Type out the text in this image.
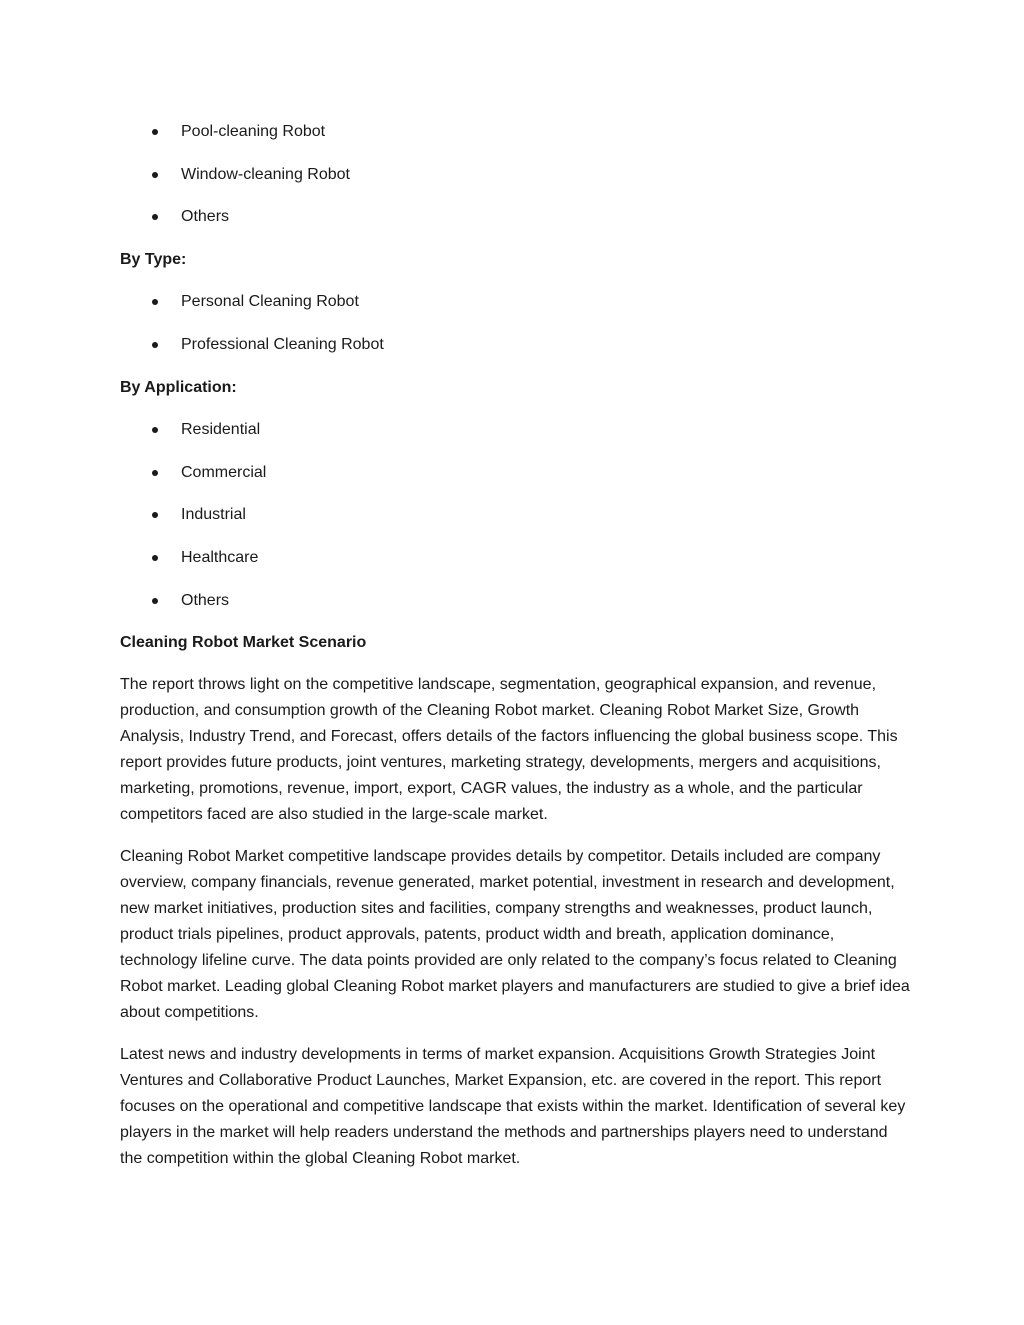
Pool-cleaning Robot
Window-cleaning Robot
Others
By Type:
Personal Cleaning Robot
Professional Cleaning Robot
By Application:
Residential
Commercial
Industrial
Healthcare
Others
Cleaning Robot Market Scenario

The report throws light on the competitive landscape, segmentation, geographical expansion, and revenue, production, and consumption growth of the Cleaning Robot market. Cleaning Robot Market Size, Growth Analysis, Industry Trend, and Forecast, offers details of the factors influencing the global business scope. This report provides future products, joint ventures, marketing strategy, developments, mergers and acquisitions, marketing, promotions, revenue, import, export, CAGR values, the industry as a whole, and the particular competitors faced are also studied in the large-scale market.

Cleaning Robot Market competitive landscape provides details by competitor. Details included are company overview, company financials, revenue generated, market potential, investment in research and development, new market initiatives, production sites and facilities, company strengths and weaknesses, product launch, product trials pipelines, product approvals, patents, product width and breath, application dominance, technology lifeline curve. The data points provided are only related to the company’s focus related to Cleaning Robot market. Leading global Cleaning Robot market players and manufacturers are studied to give a brief idea about competitions.

Latest news and industry developments in terms of market expansion. Acquisitions Growth Strategies Joint Ventures and Collaborative Product Launches, Market Expansion, etc. are covered in the report. This report focuses on the operational and competitive landscape that exists within the market. Identification of several key players in the market will help readers understand the methods and partnerships players need to understand the competition within the global Cleaning Robot market.
